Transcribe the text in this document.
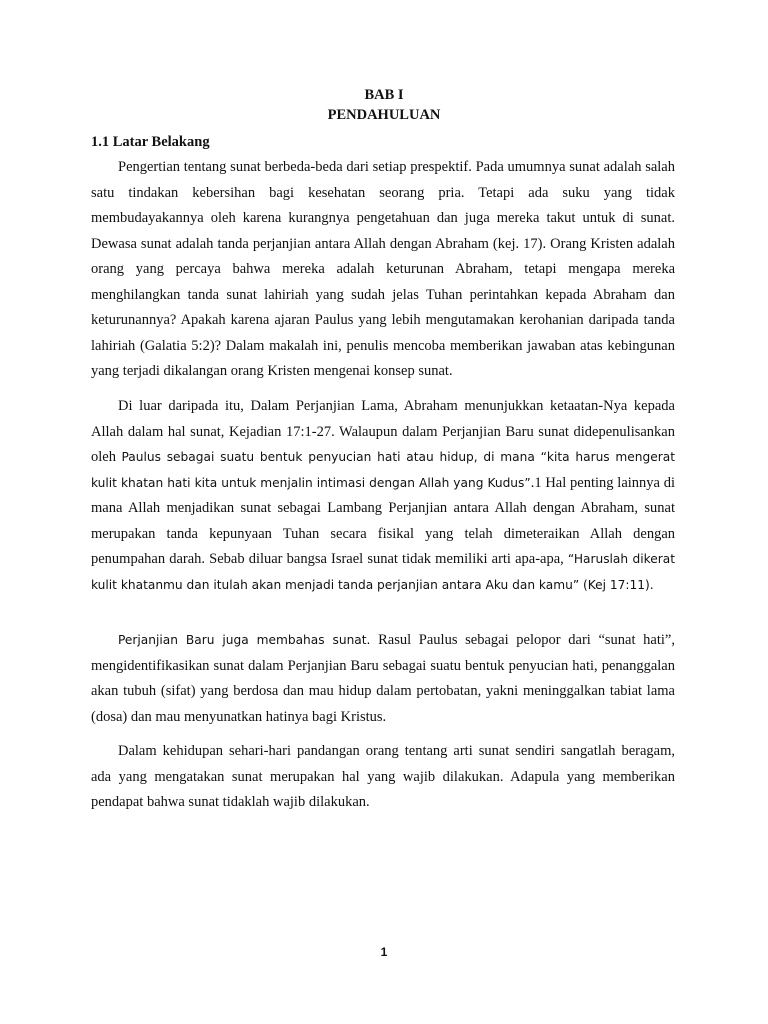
BAB I
PENDAHULUAN
1.1 Latar Belakang

Pengertian tentang sunat berbeda-beda dari setiap prespektif. Pada umumnya sunat adalah salah satu tindakan kebersihan bagi kesehatan seorang pria. Tetapi ada suku yang tidak membudayakannya oleh karena kurangnya pengetahuan dan juga mereka takut untuk di sunat. Dewasa sunat adalah tanda perjanjian antara Allah dengan Abraham (kej. 17). Orang Kristen adalah orang yang percaya bahwa mereka adalah keturunan Abraham, tetapi mengapa mereka menghilangkan tanda sunat lahiriah yang sudah jelas Tuhan perintahkan kepada Abraham dan keturunannya? Apakah karena ajaran Paulus yang lebih mengutamakan kerohanian daripada tanda lahiriah (Galatia 5:2)? Dalam makalah ini, penulis mencoba memberikan jawaban atas kebingunan yang terjadi dikalangan orang Kristen mengenai konsep sunat.

Di luar daripada itu, Dalam Perjanjian Lama, Abraham menunjukkan ketaatan-Nya kepada Allah dalam hal sunat, Kejadian 17:1-27. Walaupun dalam Perjanjian Baru sunat didepenulisankan oleh Paulus sebagai suatu bentuk penyucian hati atau hidup, di mana “kita harus mengerat kulit khatan hati kita untuk menjalin intimasi dengan Allah yang Kudus”.1 Hal penting lainnya di mana Allah menjadikan sunat sebagai Lambang Perjanjian antara Allah dengan Abraham, sunat merupakan tanda kepunyaan Tuhan secara fisikal yang telah dimeteraikan Allah dengan penumpahan darah. Sebab diluar bangsa Israel sunat tidak memiliki arti apa-apa, “Haruslah dikerat kulit khatanmu dan itulah akan menjadi tanda perjanjian antara Aku dan kamu” (Kej 17:11).

Perjanjian Baru juga membahas sunat. Rasul Paulus sebagai pelopor dari “sunat hati”, mengidentifikasikan sunat dalam Perjanjian Baru sebagai suatu bentuk penyucian hati, penanggalan akan tubuh (sifat) yang berdosa dan mau hidup dalam pertobatan, yakni meninggalkan tabiat lama (dosa) dan mau menyunatkan hatinya bagi Kristus.

Dalam kehidupan sehari-hari pandangan orang tentang arti sunat sendiri sangatlah beragam, ada yang mengatakan sunat merupakan hal yang wajib dilakukan. Adapula yang memberikan pendapat bahwa sunat tidaklah wajib dilakukan.

1
